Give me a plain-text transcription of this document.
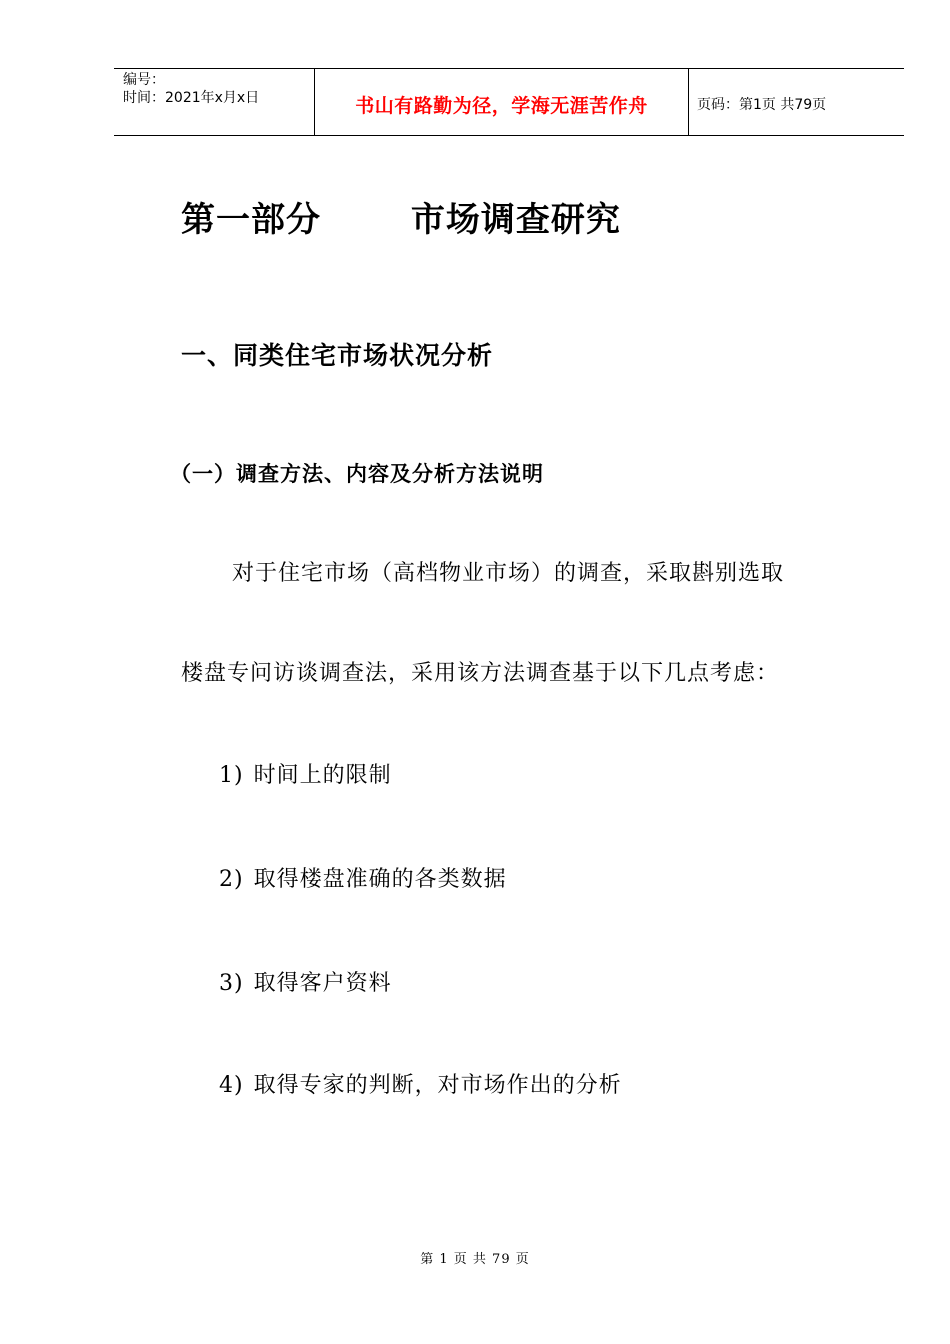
编号：
时间：2021年x月x日	书山有路勤为径，学海无涯苦作舟	页码：第1页 共79页
第一部分       市场调查研究
一、同类住宅市场状况分析
（一）调查方法、内容及分析方法说明
对于住宅市场（高档物业市场）的调查，采取斟别选取
楼盘专问访谈调查法，采用该方法调查基于以下几点考虑：
1) 时间上的限制
2) 取得楼盘准确的各类数据
3) 取得客户资料
4) 取得专家的判断，对市场作出的分析
第 1 页 共 79 页
